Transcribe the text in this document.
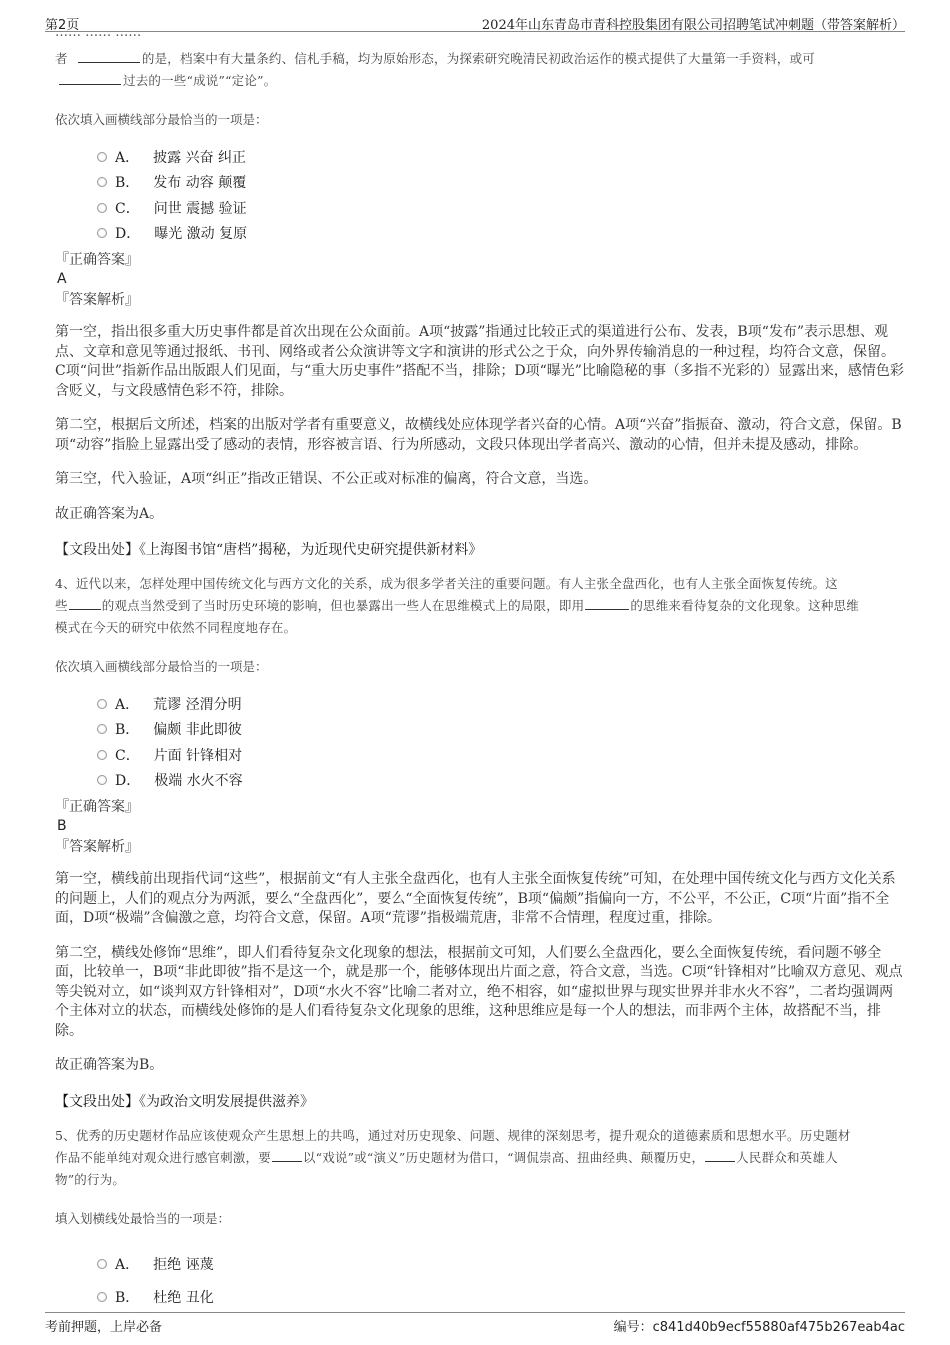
第2页	2024年山东青岛市青科控股集团有限公司招聘笔试冲刺题（带答案解析）
者	的是，档案中有大量条约、信札手稿，均为原始形态，为探索研究晚清民初政治运作的模式提供了大量第一手资料，或可
过去的一些“成说”“定论”。
依次填入画横线部分最恰当的一项是：
A． 披露 兴奋 纠正
B． 发布 动容 颠覆
C． 问世 震撼 验证
D． 曝光 激动 复原
『正确答案』
A
『答案解析』
第一空，指出很多重大历史事件都是首次出现在公众面前。A项“披露”指通过比较正式的渠道进行公布、发表，B项“发布”表示思想、观点、文章和意见等通过报纸、书刊、网络或者公众演讲等文字和演讲的形式公之于众，向外界传输消息的一种过程，均符合文意，保留。C项“问世”指新作品出版跟人们见面，与“重大历史事件”搭配不当，排除；D项“曝光”比喻隐秘的事（多指不光彩的）显露出来，感情色彩含贬义，与文段感情色彩不符，排除。
第二空，根据后文所述，档案的出版对学者有重要意义，故横线处应体现学者兴奋的心情。A项“兴奋”指振奋、激动，符合文意，保留。B项“动容”指脸上显露出受了感动的表情，形容被言语、行为所感动，文段只体现出学者高兴、激动的心情，但并未提及感动，排除。
第三空，代入验证，A项“纠正”指改正错误、不公正或对标准的偏离，符合文意，当选。
故正确答案为A。
【文段出处】《上海图书馆“唐档”揭秘，为近现代史研究提供新材料》
4、近代以来，怎样处理中国传统文化与西方文化的关系，成为很多学者关注的重要问题。有人主张全盘西化，也有人主张全面恢复传统。这
些	的观点当然受到了当时历史环境的影响，但也暴露出一些人在思维模式上的局限，即用	的思维来看待复杂的文化现象。这种思维
模式在今天的研究中依然不同程度地存在。
依次填入画横线部分最恰当的一项是：
A． 荒谬 泾渭分明
B． 偏颇 非此即彼
C． 片面 针锋相对
D． 极端 水火不容
『正确答案』
B
『答案解析』
第一空，横线前出现指代词“这些”，根据前文“有人主张全盘西化，也有人主张全面恢复传统”可知，在处理中国传统文化与西方文化关系的问题上，人们的观点分为两派，要么“全盘西化”，要么“全面恢复传统”，B项“偏颇”指偏向一方，不公平，不公正，C项“片面”指不全面，D项“极端”含偏激之意，均符合文意，保留。A项“荒谬”指极端荒唐，非常不合情理，程度过重，排除。
第二空，横线处修饰“思维”，即人们看待复杂文化现象的想法，根据前文可知，人们要么全盘西化，要么全面恢复传统，看问题不够全面，比较单一，B项“非此即彼”指不是这一个，就是那一个，能够体现出片面之意，符合文意，当选。C项“针锋相对”比喻双方意见、观点等尖锐对立，如“谈判双方针锋相对”，D项“水火不容”比喻二者对立，绝不相容，如“虚拟世界与现实世界并非水火不容”，二者均强调两个主体对立的状态，而横线处修饰的是人们看待复杂文化现象的思维，这种思维应是每一个人的想法，而非两个主体，故搭配不当，排除。
故正确答案为B。
【文段出处】《为政治文明发展提供滋养》
5、优秀的历史题材作品应该使观众产生思想上的共鸣，通过对历史现象、问题、规律的深刻思考，提升观众的道德素质和思想水平。历史题材
作品不能单纯对观众进行感官刺激，要	以“戏说”或“演义”历史题材为借口，“调侃崇高、扭曲经典、颠覆历史，	人民群众和英雄人
物”的行为。
填入划横线处最恰当的一项是：
A． 拒绝 诬蔑
B． 杜绝 丑化
考前押题，上岸必备	编号：c841d40b9ecf55880af475b267eab4ac
